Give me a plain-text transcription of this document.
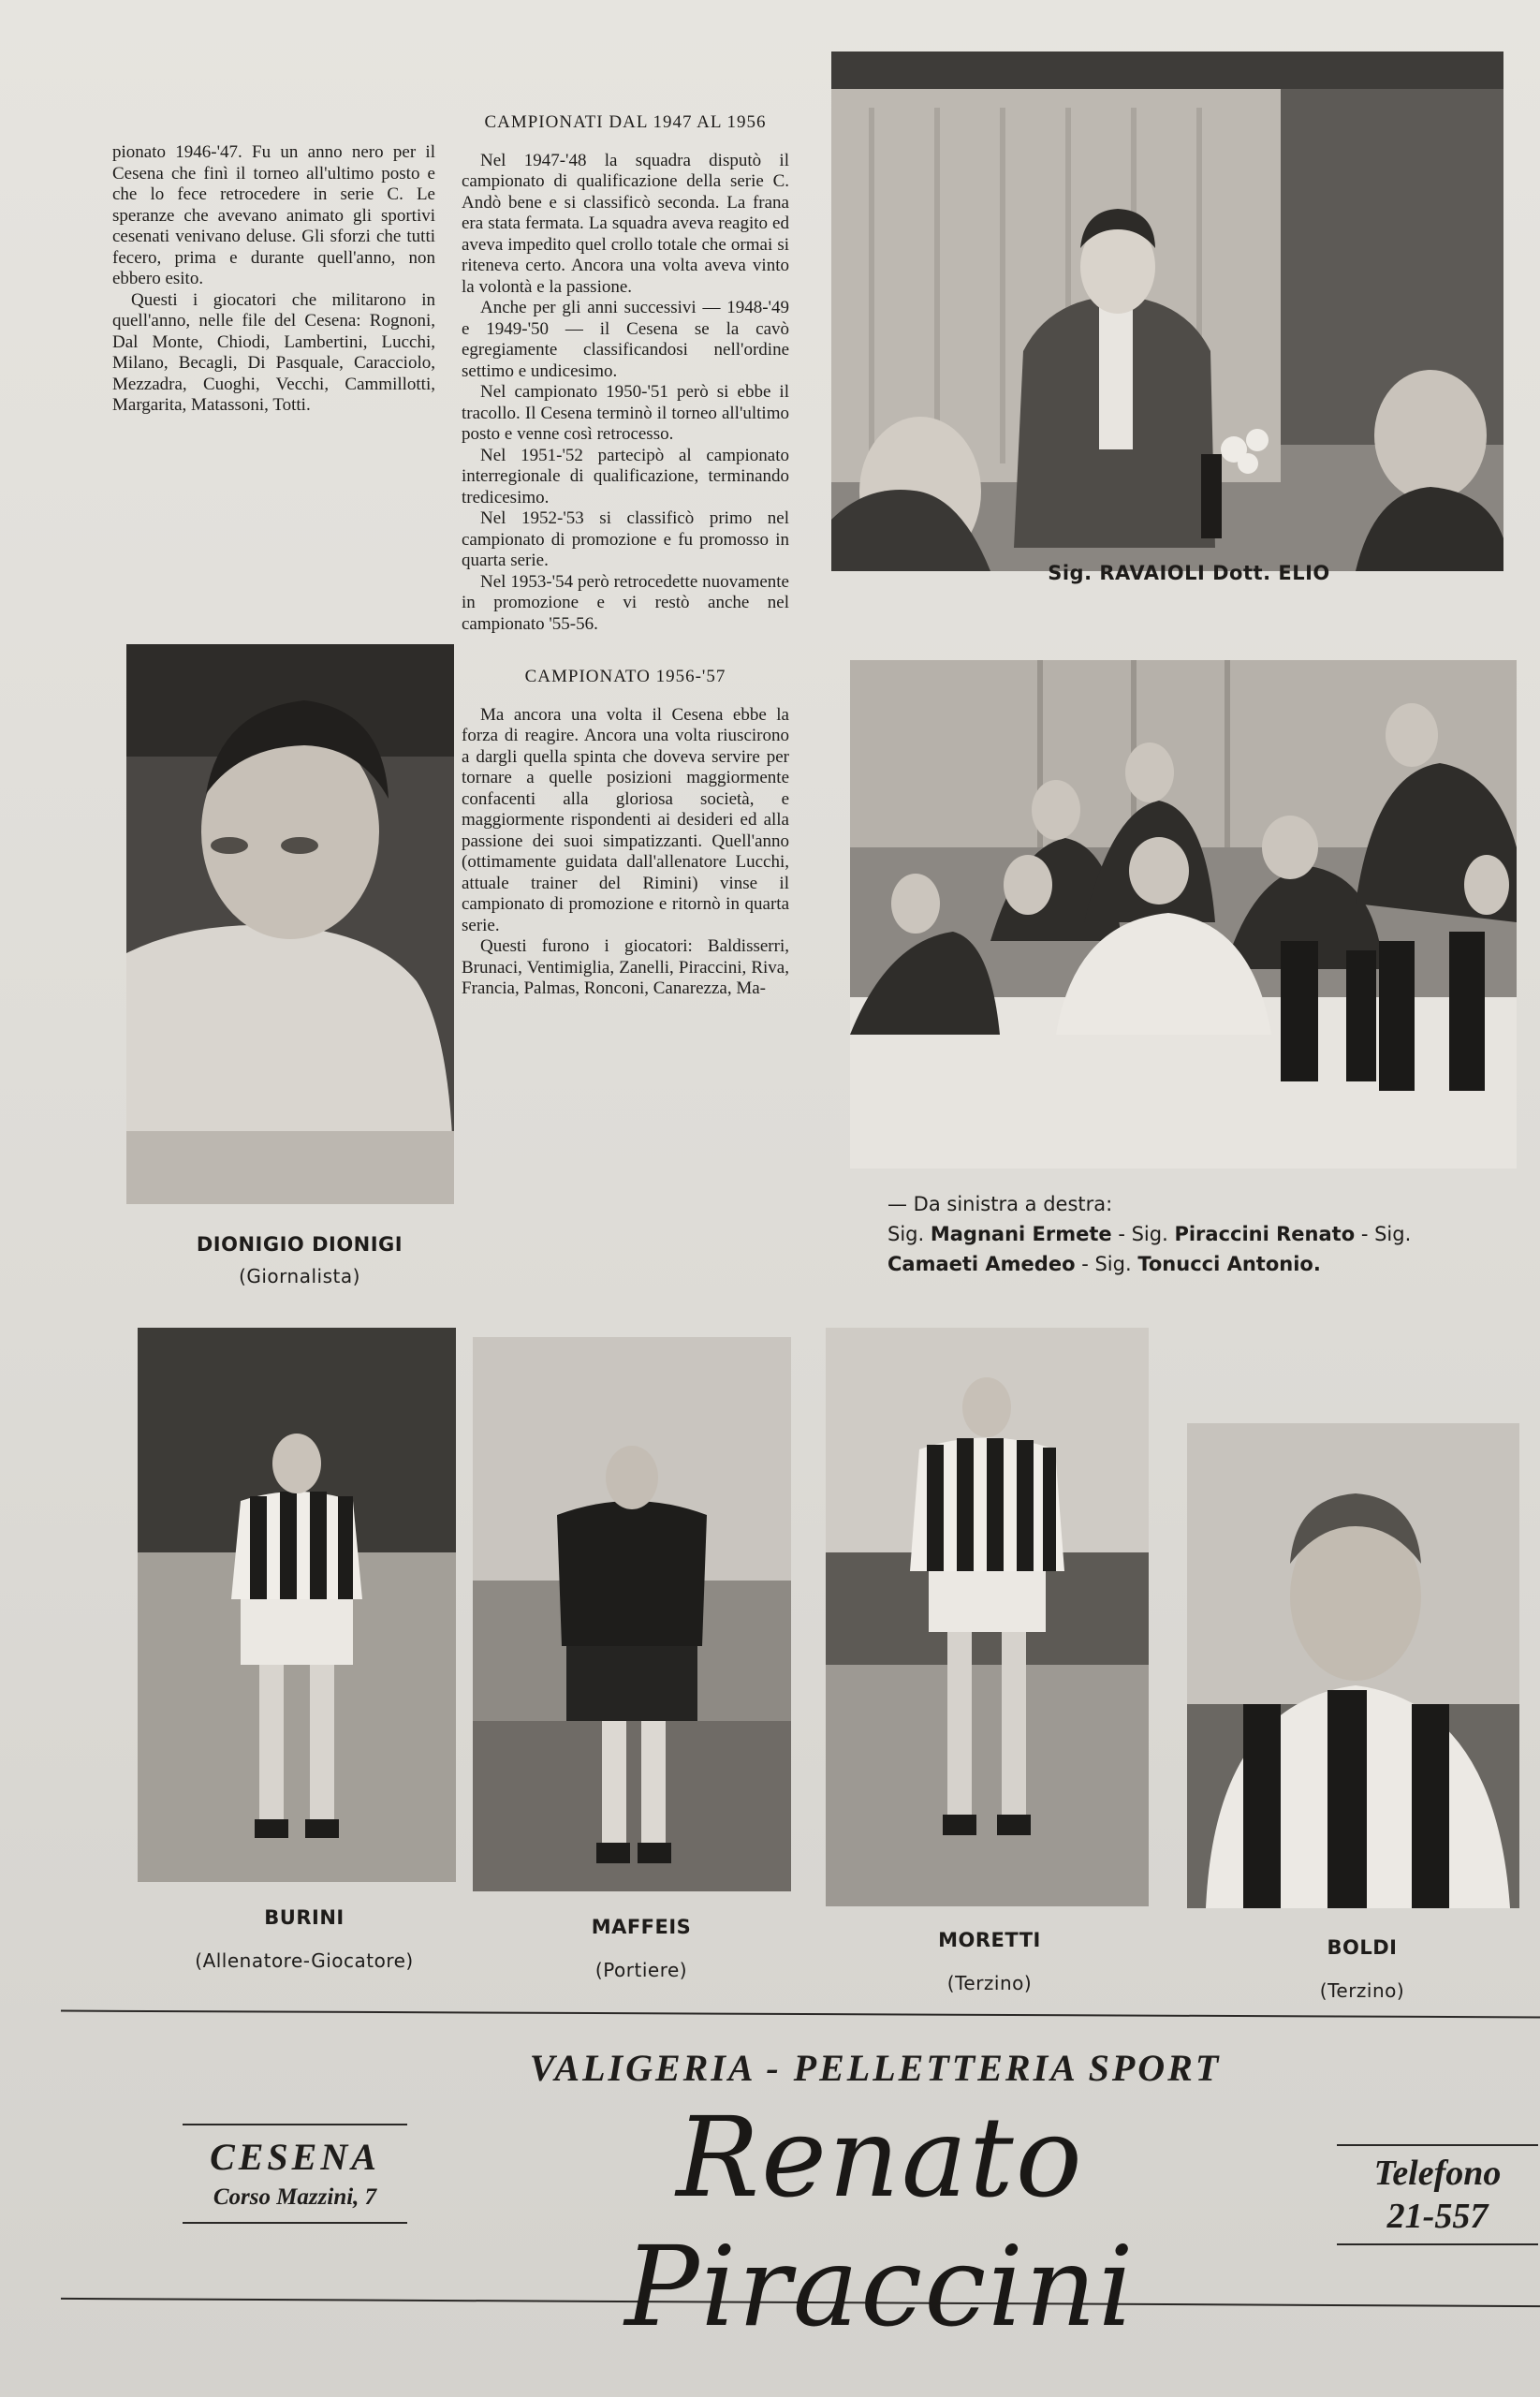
pionato 1946-'47. Fu un anno nero per il Cesena che finì il torneo all'ultimo posto e che lo fece retrocedere in serie C. Le speranze che avevano animato gli sportivi cesenati venivano deluse. Gli sforzi che tutti fecero, prima e durante quell'anno, non ebbero esito.

Questi i giocatori che militarono in quell'anno, nelle file del Cesena: Rognoni, Dal Monte, Chiodi, Lambertini, Lucchi, Milano, Becagli, Di Pasquale, Caracciolo, Mezzadra, Cuoghi, Vecchi, Cammillotti, Margarita, Matassoni, Totti.

CAMPIONATI DAL 1947 AL 1956

Nel 1947-'48 la squadra disputò il campionato di qualificazione della serie C. Andò bene e si classificò seconda. La frana era stata fermata. La squadra aveva reagito ed aveva impedito quel crollo totale che ormai si riteneva certo. Ancora una volta aveva vinto la volontà e la passione.

Anche per gli anni successivi — 1948-'49 e 1949-'50 — il Cesena se la cavò egregiamente classificandosi nell'ordine settimo e undicesimo.

Nel campionato 1950-'51 però si ebbe il tracollo. Il Cesena terminò il torneo all'ultimo posto e venne così retrocesso.

Nel 1951-'52 partecipò al campionato interregionale di qualificazione, terminando tredicesimo.

Nel 1952-'53 si classificò primo nel campionato di promozione e fu promosso in quarta serie.

Nel 1953-'54 però retrocedette nuovamente in promozione e vi restò anche nel campionato '55-56.

CAMPIONATO 1956-'57

Ma ancora una volta il Cesena ebbe la forza di reagire. Ancora una volta riuscirono a dargli quella spinta che doveva servire per tornare a quelle posizioni maggiormente confacenti alla gloriosa società, e maggiormente rispondenti ai desideri ed alla passione dei suoi simpatizzanti. Quell'anno (ottimamente guidata dall'allenatore Lucchi, attuale trainer del Rimini) vinse il campionato di promozione e ritornò in quarta serie.

Questi furono i giocatori: Baldisserri, Brunaci, Ventimiglia, Zanelli, Piraccini, Riva, Francia, Palmas, Ronconi, Canarezza, Ma-

Sig. RAVAIOLI Dott. ELIO
DIONIGIO DIONIGI
(Giornalista)
— Da sinistra a destra:
Sig. Magnani Ermete - Sig. Piraccini Renato - Sig.
Camaeti Amedeo - Sig. Tonucci Antonio.
BURINI
(Allenatore-Giocatore)
MAFFEIS
(Portiere)
MORETTI
(Terzino)
BOLDI
(Terzino)
VALIGERIA - PELLETTERIA SPORT
CESENA
Corso Mazzini, 7	Renato Piraccini
Telefono
21-557
